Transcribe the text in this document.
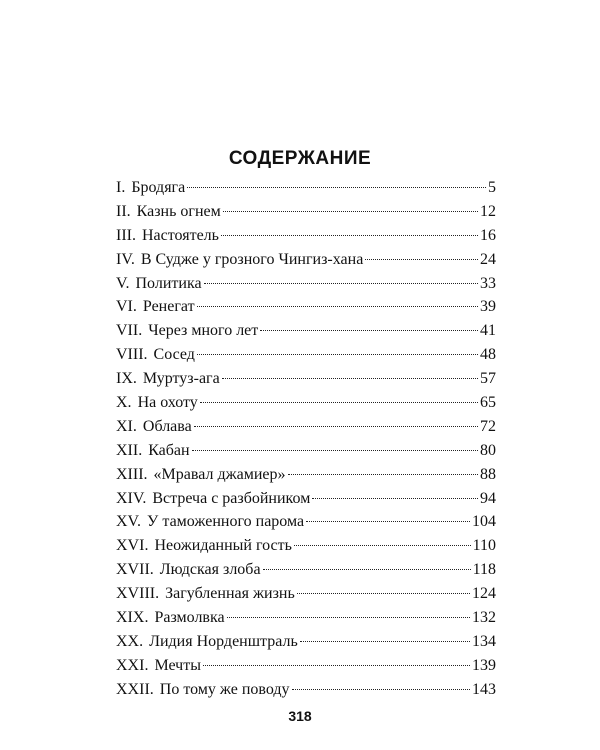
СОДЕРЖАНИЕ
I. Бродяга	5
II. Казнь огнем	12
III. Настоятель	16
IV. В Судже у грозного Чингиз-хана	24
V. Политика	33
VI. Ренегат	39
VII. Через много лет	41
VIII. Сосед	48
IX. Муртуз-ага	57
X. На охоту	65
XI. Облава	72
XII. Кабан	80
XIII. «Мравал джамиер»	88
XIV. Встреча с разбойником	94
XV. У таможенного парома	104
XVI. Неожиданный гость	110
XVII. Людская злоба	118
XVIII. Загубленная жизнь	124
XIX. Размолвка	132
XX. Лидия Норденштраль	134
XXI. Мечты	139
XXII. По тому же поводу	143
318
